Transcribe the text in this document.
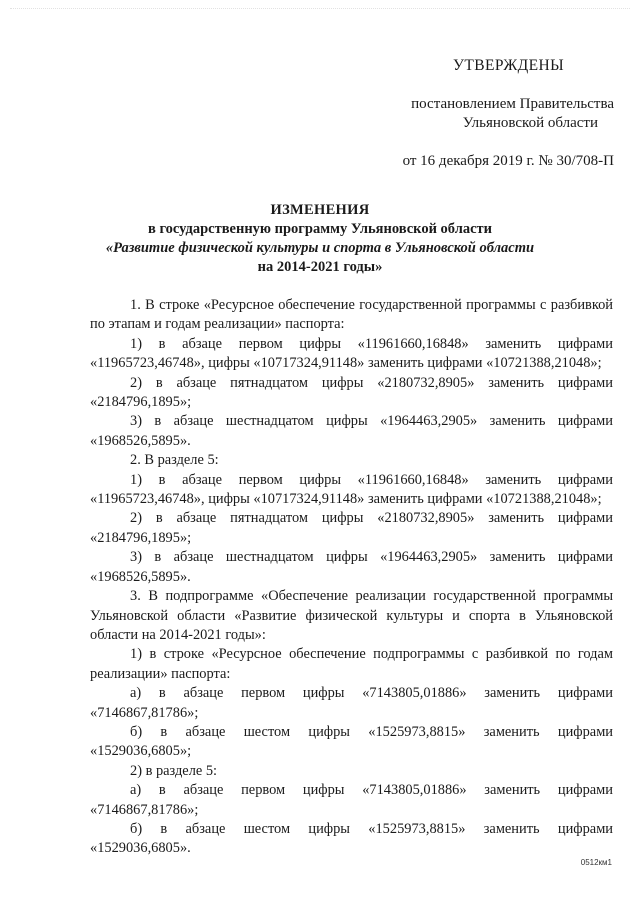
УТВЕРЖДЕНЫ
постановлением Правительства
Ульяновской области
от 16 декабря 2019 г. № 30/708-П
ИЗМЕНЕНИЯ
в государственную программу Ульяновской области
«Развитие физической культуры и спорта в Ульяновской области
на 2014-2021 годы»

1. В строке «Ресурсное обеспечение государственной программы с разбивкой по этапам и годам реализации» паспорта:

1) в абзаце первом цифры «11961660,16848» заменить цифрами «11965723,46748», цифры «10717324,91148» заменить цифрами «10721388,21048»;

2) в абзаце пятнадцатом цифры «2180732,8905» заменить цифрами «2184796,1895»;

3) в абзаце шестнадцатом цифры «1964463,2905» заменить цифрами «1968526,5895».

2. В разделе 5:

1) в абзаце первом цифры «11961660,16848» заменить цифрами «11965723,46748», цифры «10717324,91148» заменить цифрами «10721388,21048»;

2) в абзаце пятнадцатом цифры «2180732,8905» заменить цифрами «2184796,1895»;

3) в абзаце шестнадцатом цифры «1964463,2905» заменить цифрами «1968526,5895».

3. В подпрограмме «Обеспечение реализации государственной программы Ульяновской области «Развитие физической культуры и спорта в Ульяновской области на 2014-2021 годы»:

1) в строке «Ресурсное обеспечение подпрограммы с разбивкой по годам реализации» паспорта:

а) в абзаце первом цифры «7143805,01886» заменить цифрами «7146867,81786»;

б) в абзаце шестом цифры «1525973,8815» заменить цифрами «1529036,6805»;

2) в разделе 5:

а) в абзаце первом цифры «7143805,01886» заменить цифрами «7146867,81786»;

б) в абзаце шестом цифры «1525973,8815» заменить цифрами «1529036,6805».

0512км1
